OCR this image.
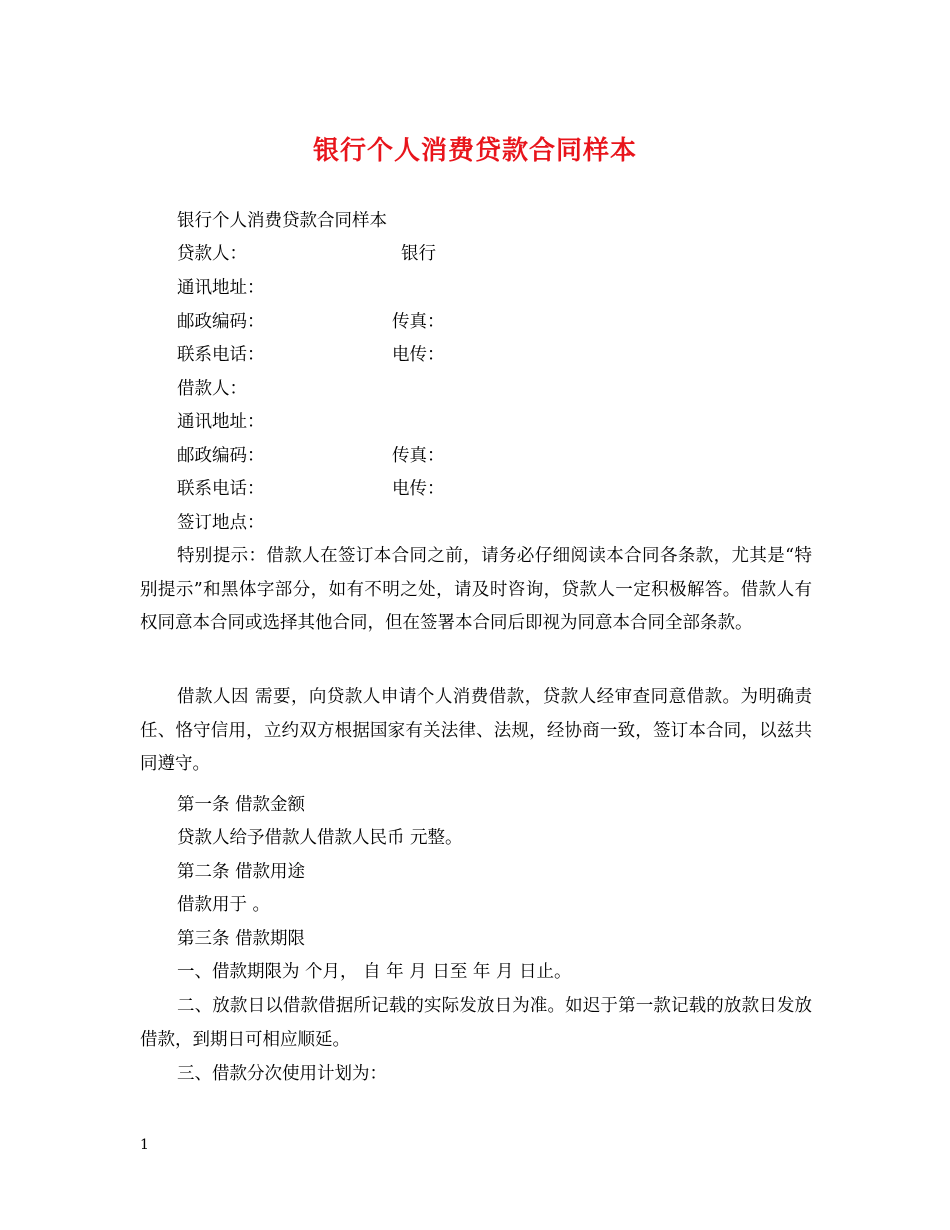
银行个人消费贷款合同样本
银行个人消费贷款合同样本
贷款人：	银行
通讯地址：
邮政编码：	传真：
联系电话：	电传：
借款人：
通讯地址：
邮政编码：	传真：
联系电话：	电传：
签订地点：
特别提示：借款人在签订本合同之前，请务必仔细阅读本合同各条款，尤其是“特别提示”和黑体字部分，如有不明之处，请及时咨询，贷款人一定积极解答。借款人有权同意本合同或选择其他合同，但在签署本合同后即视为同意本合同全部条款。
借款人因 需要，向贷款人申请个人消费借款，贷款人经审查同意借款。为明确责任、恪守信用，立约双方根据国家有关法律、法规，经协商一致，签订本合同，以兹共同遵守。
第一条 借款金额
贷款人给予借款人借款人民币 元整。
第二条 借款用途
借款用于 。
第三条 借款期限
一、借款期限为 个月， 自 年 月 日至 年 月 日止。
二、放款日以借款借据所记载的实际发放日为准。如迟于第一款记载的放款日发放借款，到期日可相应顺延。
三、借款分次使用计划为：
1
